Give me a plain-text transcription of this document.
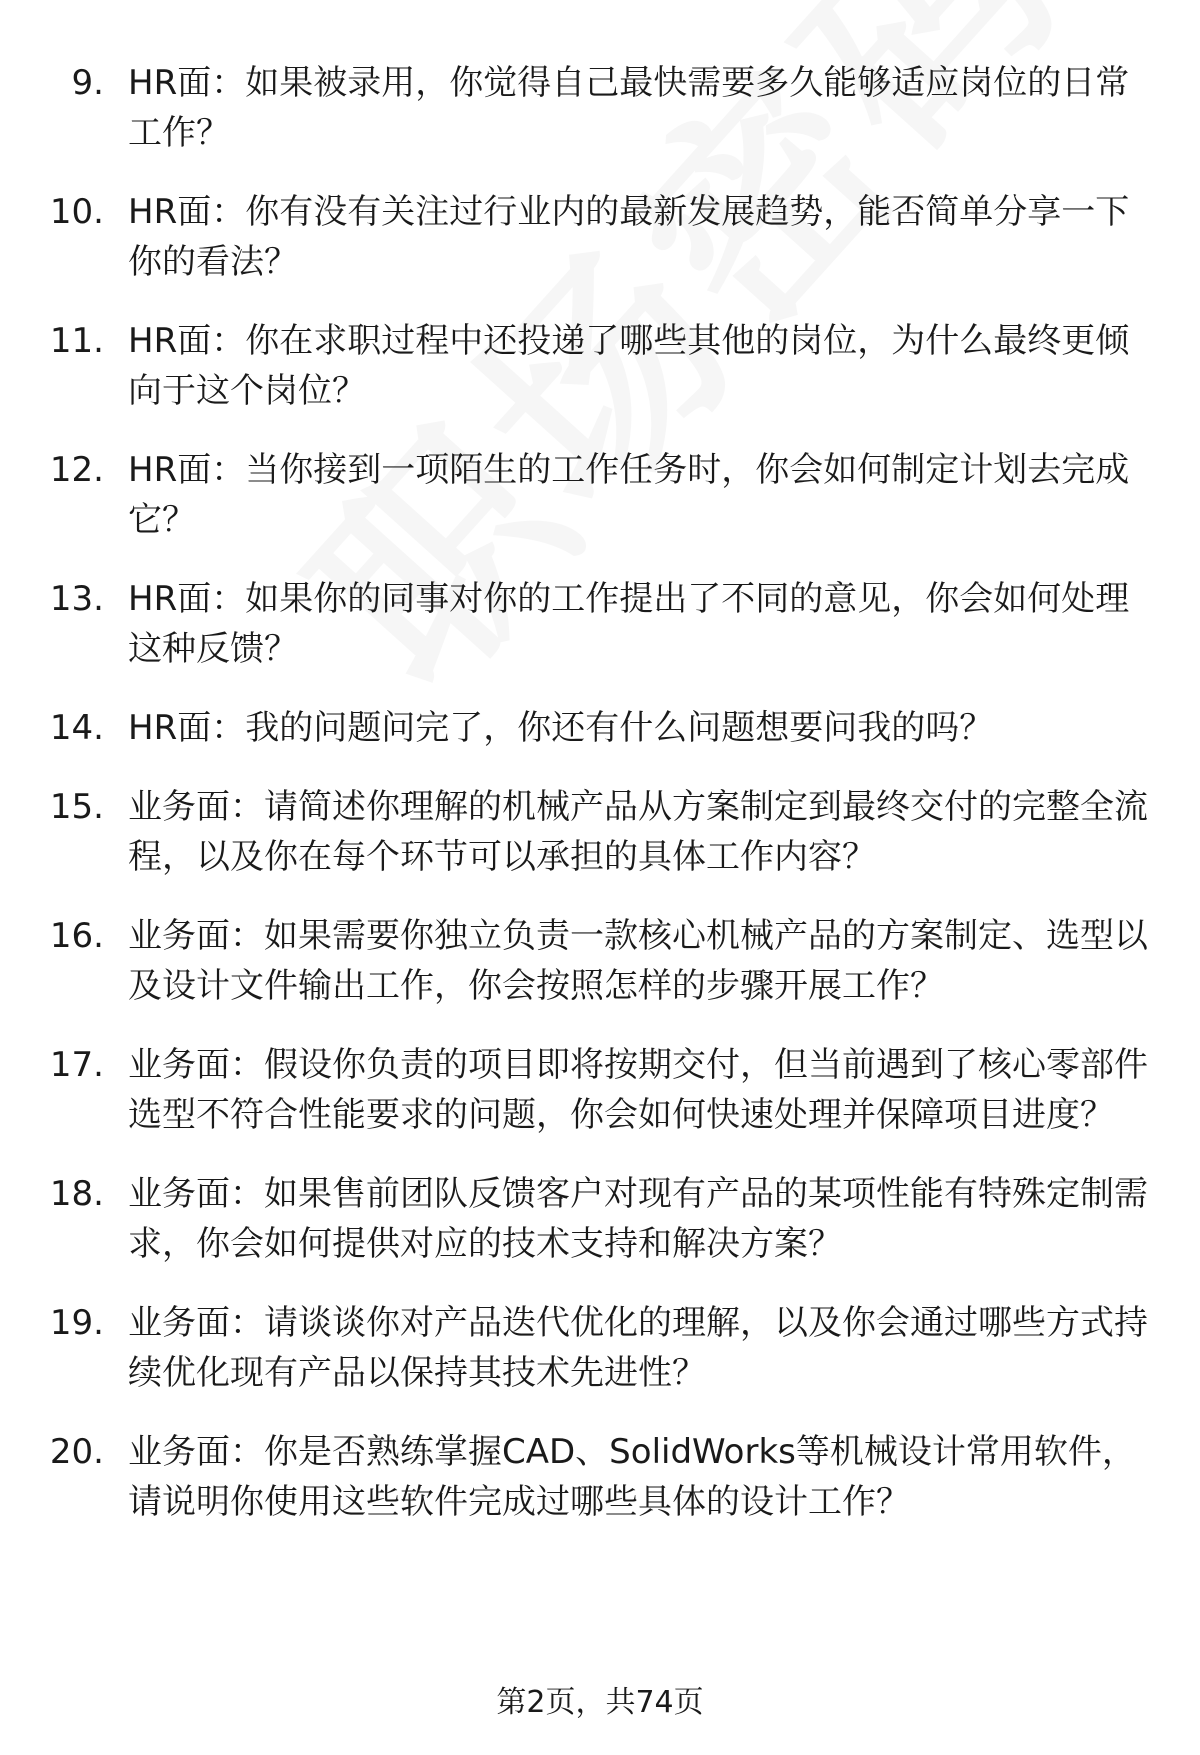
9. HR面：如果被录用，你觉得自己最快需要多久能够适应岗位的日常工作？
10. HR面：你有没有关注过行业内的最新发展趋势，能否简单分享一下你的看法？
11. HR面：你在求职过程中还投递了哪些其他的岗位，为什么最终更倾向于这个岗位？
12. HR面：当你接到一项陌生的工作任务时，你会如何制定计划去完成它？
13. HR面：如果你的同事对你的工作提出了不同的意见，你会如何处理这种反馈？
14. HR面：我的问题问完了，你还有什么问题想要问我的吗？
15. 业务面：请简述你理解的机械产品从方案制定到最终交付的完整全流程，以及你在每个环节可以承担的具体工作内容？
16. 业务面：如果需要你独立负责一款核心机械产品的方案制定、选型以及设计文件输出工作，你会按照怎样的步骤开展工作？
17. 业务面：假设你负责的项目即将按期交付，但当前遇到了核心零部件选型不符合性能要求的问题，你会如何快速处理并保障项目进度？
18. 业务面：如果售前团队反馈客户对现有产品的某项性能有特殊定制需求，你会如何提供对应的技术支持和解决方案？
19. 业务面：请谈谈你对产品迭代优化的理解，以及你会通过哪些方式持续优化现有产品以保持其技术先进性？
20. 业务面：你是否熟练掌握CAD、SolidWorks等机械设计常用软件，请说明你使用这些软件完成过哪些具体的设计工作？
第2页，共74页
